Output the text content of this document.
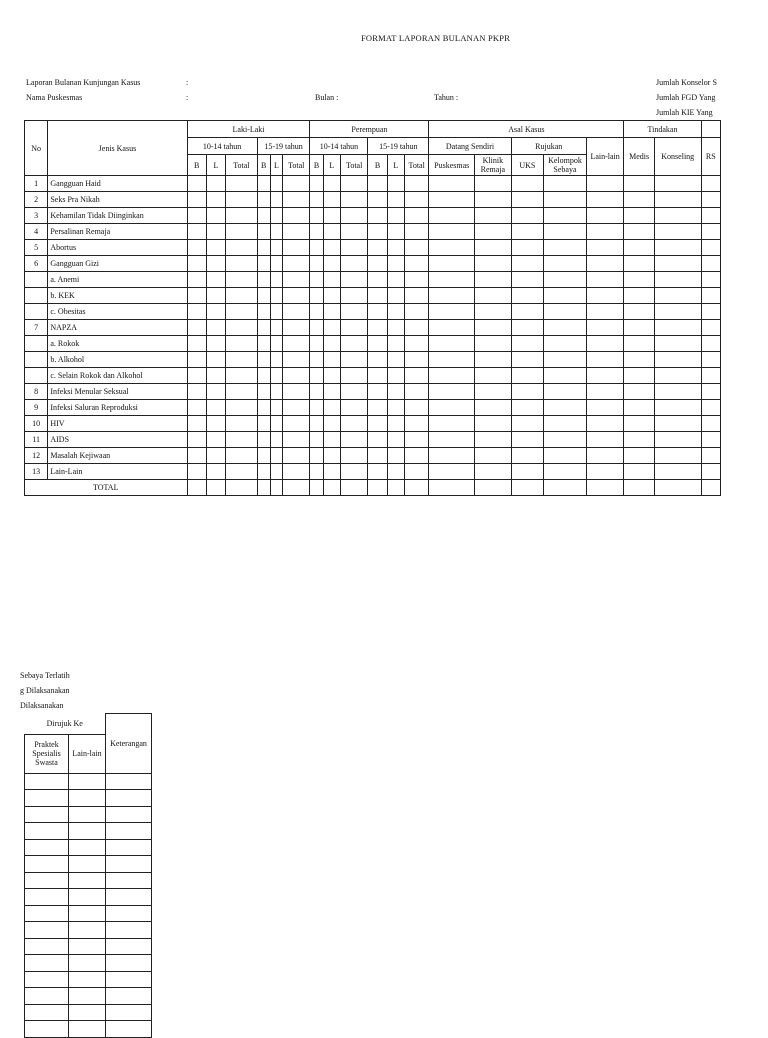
FORMAT LAPORAN BULANAN PKPR
Laporan Bulanan Kunjungan Kasus	:
Nama Puskesmas	:	Bulan :	Tahun :
Jumlah Konselor S
Jumlah FGD Yang
Jumlah KIE Yang
No	Jenis Kasus	Laki-Laki						Perempuan						Asal Kasus					Tindakan		
		10-14 tahun			15-19 tahun			10-14 tahun			15-19 tahun			Datang Sendiri		Rujukan		Lain-lain	Medis	Konseling	RS
		B	L	Total	B	L	Total	B	L	Total	B	L	Total	Puskesmas	Klinik Remaja	UKS	Kelompok Sebaya				
1	Gangguan Haid																				
2	Seks Pra Nikah																				
3	Kehamilan Tidak Diinginkan																				
4	Persalinan Remaja																				
5	Abortus																				
6	Gangguan Gizi																				
	a. Anemi																				
	b. KEK																				
	c. Obesitas																				
7	NAPZA																				
	a. Rokok																				
	b. Alkohol																				
	c. Selain Rokok dan Alkohol																				
8	Infeksi Menular Seksual																				
9	Infeksi Saluran Reproduksi																				
10	HIV																				
11	AIDS																				
12	Masalah Kejiwaan																				
13	Lain-Lain																				
TOTAL																					
Sebaya Terlatih
g Dilaksanakan
Dilaksanakan
Dirujuk Ke		Keterangan
Praktek Spesialis Swasta	Lain-lain	
